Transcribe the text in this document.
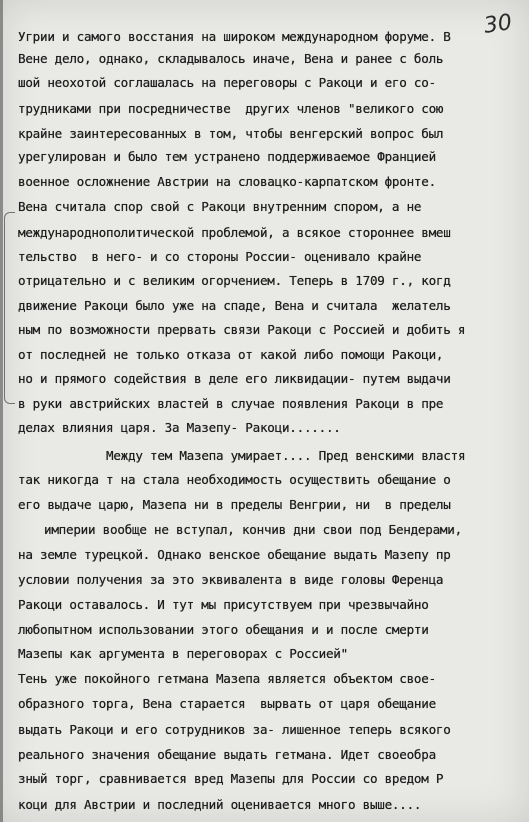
30
Угрии и самого восстания на широком международном форуме. В
Вене дело, однако, складывалось иначе, Вена и ранее с боль
шой неохотой соглашалась на переговоры с Ракоци и его со-
трудниками при посредничестве  других членов "великого сою
крайне заинтересованных в том, чтобы венгерский вопрос был
урегулирован и было тем устранено поддерживаемое Францией
военное осложнение Австрии на словацко-карпатском фронте.
Вена считала спор свой с Ракоци внутренним спором, а не
международнополитической проблемой, а всякое стороннее вмеш
тельство  в него- и со стороны России- оценивало крайне
отрицательно и с великим огорчением. Теперь в 1709 г., когд
движение Ракоци было уже на спаде, Вена и считала  желатель
ным по возможности прервать связи Ракоци с Россией и добить я
от последней не только отказа от какой либо помощи Ракоци,
но и прямого содействия в деле его ликвидации- путем выдачи
в руки австрийских властей в случае появления Ракоци в пре
делах влияния царя. За Мазепу- Ракоци.......
Между тем Мазепа умирает.... Пред венскими властя
так никогда т на стала необходимость осуществить обещание о
его выдаче царю, Мазепа ни в пределы Венгрии, ни  в пределы
империи вообще не вступал, кончив дни свои под Бендерами,
на земле турецкой. Однако венское обещание выдать Мазепу пр
условии получения за это эквивалента в виде головы Ференца
Ракоци оставалось. И тут мы присутствуем при чрезвычайно
любопытном использовании этого обещания и и после смерти
Мазепы как аргумента в переговорах с Россией"
Тень уже покойного гетмана Мазепа является объектом свое-
образного торга, Вена старается  вырвать от царя обещание
выдать Ракоци и его сотрудников за- лишенное теперь всякого
реального значения обещание выдать гетмана. Идет своеобра
зный торг, сравнивается вред Мазепы для России со вредом Р
коци для Австрии и последний оценивается много выше....
